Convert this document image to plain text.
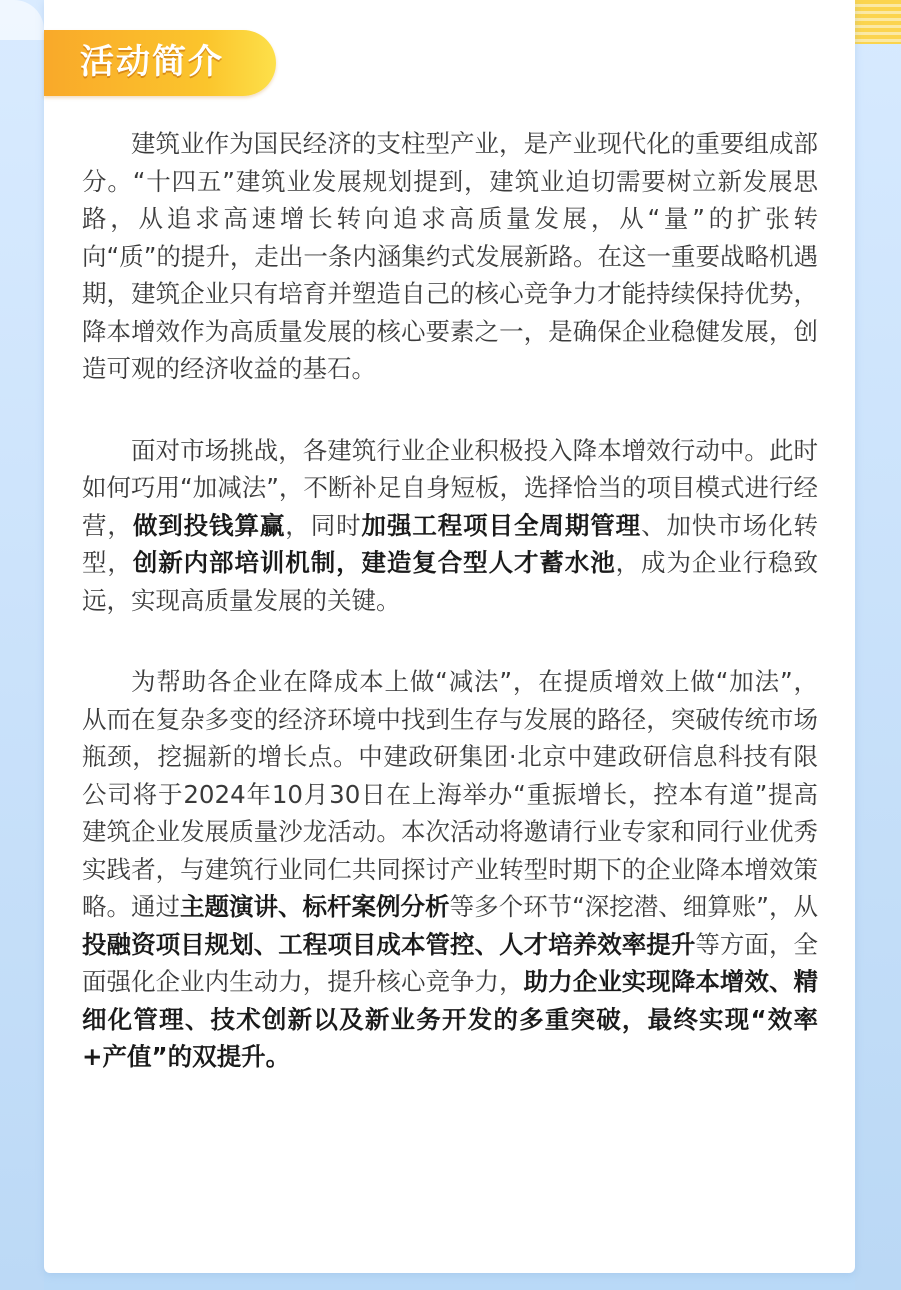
活动简介

建筑业作为国民经济的支柱型产业，是产业现代化的重要组成部分。“十四五”建筑业发展规划提到，建筑业迫切需要树立新发展思路，从追求高速增长转向追求高质量发展，从“量”的扩张转向“质”的提升，走出一条内涵集约式发展新路。在这一重要战略机遇期，建筑企业只有培育并塑造自己的核心竞争力才能持续保持优势，降本增效作为高质量发展的核心要素之一，是确保企业稳健发展，创造可观的经济收益的基石。

面对市场挑战，各建筑行业企业积极投入降本增效行动中。此时如何巧用“加减法”，不断补足自身短板，选择恰当的项目模式进行经营，做到投钱算赢，同时加强工程项目全周期管理、加快市场化转型，创新内部培训机制，建造复合型人才蓄水池，成为企业行稳致远，实现高质量发展的关键。

为帮助各企业在降成本上做“减法”，在提质增效上做“加法”，从而在复杂多变的经济环境中找到生存与发展的路径，突破传统市场瓶颈，挖掘新的增长点。中建政研集团·北京中建政研信息科技有限公司将于2024年10月30日在上海举办“重振增长，控本有道”提高建筑企业发展质量沙龙活动。本次活动将邀请行业专家和同行业优秀实践者，与建筑行业同仁共同探讨产业转型时期下的企业降本增效策略。通过主题演讲、标杆案例分析等多个环节“深挖潜、细算账”，从投融资项目规划、工程项目成本管控、人才培养效率提升等方面，全面强化企业内生动力，提升核心竞争力，助力企业实现降本增效、精细化管理、技术创新以及新业务开发的多重突破，最终实现“效率+产值”的双提升。
